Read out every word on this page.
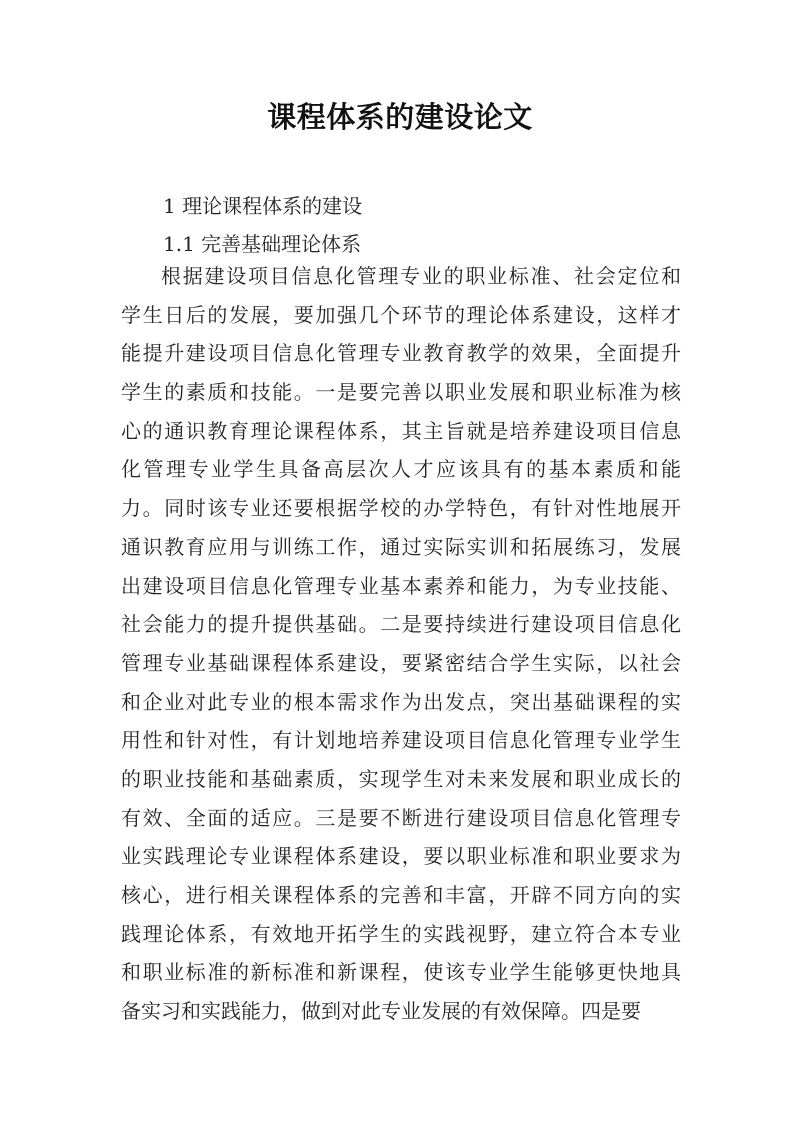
课程体系的建设论文

1 理论课程体系的建设

1.1 完善基础理论体系

根据建设项目信息化管理专业的职业标准、社会定位和
学生日后的发展，要加强几个环节的理论体系建设，这样才
能提升建设项目信息化管理专业教育教学的效果，全面提升
学生的素质和技能。一是要完善以职业发展和职业标准为核
心的通识教育理论课程体系，其主旨就是培养建设项目信息
化管理专业学生具备高层次人才应该具有的基本素质和能
力。同时该专业还要根据学校的办学特色，有针对性地展开
通识教育应用与训练工作，通过实际实训和拓展练习，发展
出建设项目信息化管理专业基本素养和能力，为专业技能、
社会能力的提升提供基础。二是要持续进行建设项目信息化
管理专业基础课程体系建设，要紧密结合学生实际，以社会
和企业对此专业的根本需求作为出发点，突出基础课程的实
用性和针对性，有计划地培养建设项目信息化管理专业学生
的职业技能和基础素质，实现学生对未来发展和职业成长的
有效、全面的适应。三是要不断进行建设项目信息化管理专
业实践理论专业课程体系建设，要以职业标准和职业要求为
核心，进行相关课程体系的完善和丰富，开辟不同方向的实
践理论体系，有效地开拓学生的实践视野，建立符合本专业
和职业标准的新标准和新课程，使该专业学生能够更快地具
备实习和实践能力，做到对此专业发展的有效保障。四是要
